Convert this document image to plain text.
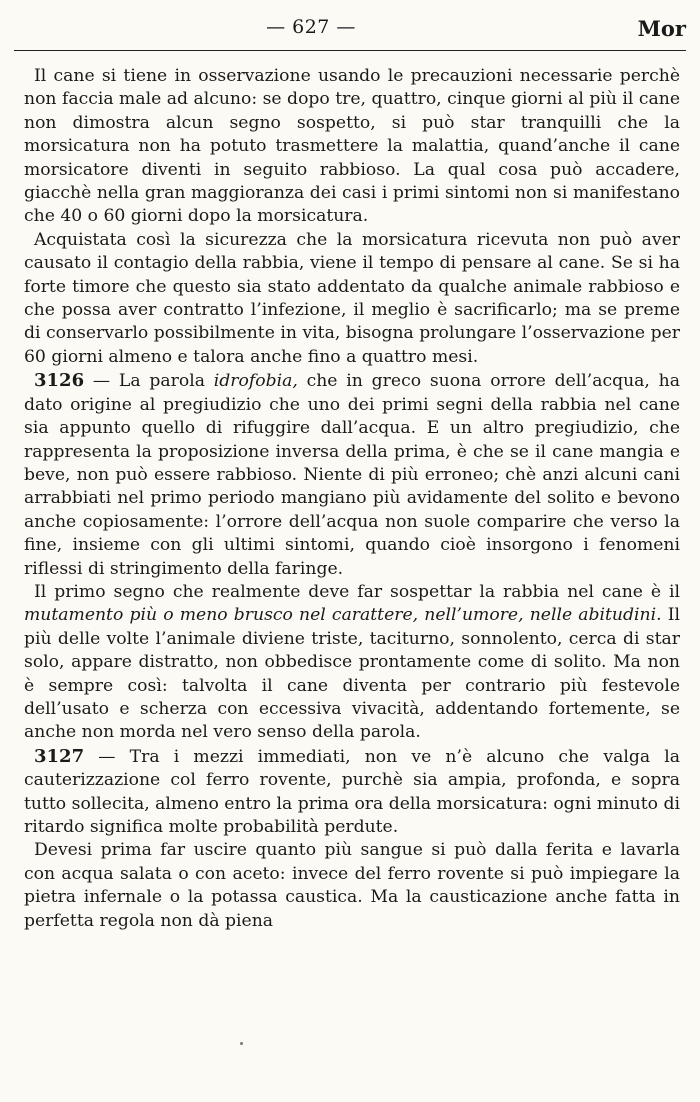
— 627 —	Mor

Il cane si tiene in osservazione usando le precauzioni necessarie perchè non faccia male ad alcuno: se dopo tre, quattro, cinque giorni al più il cane non dimostra alcun segno sospetto, si può star tranquilli che la morsicatura non ha potuto trasmettere la malattia, quand’anche il cane morsicatore diventi in seguito rabbioso. La qual cosa può accadere, giacchè nella gran maggioranza dei casi i primi sintomi non si manifestano che 40 o 60 giorni dopo la morsicatura.

Acquistata così la sicurezza che la morsicatura ricevuta non può aver causato il contagio della rabbia, viene il tempo di pensare al cane. Se si ha forte timore che questo sia stato addentato da qualche animale rabbioso e che possa aver contratto l’infezione, il meglio è sacrificarlo; ma se preme di conservarlo possibilmente in vita, bisogna prolungare l’osservazione per 60 giorni almeno e talora anche fino a quattro mesi.

3126 — La parola idrofobia, che in greco suona orrore dell’acqua, ha dato origine al pregiudizio che uno dei primi segni della rabbia nel cane sia appunto quello di rifuggire dall’acqua. E un altro pregiudizio, che rappresenta la proposizione inversa della prima, è che se il cane mangia e beve, non può essere rabbioso. Niente di più erroneo; chè anzi alcuni cani arrabbiati nel primo periodo mangiano più avidamente del solito e bevono anche copiosamente: l’orrore dell’acqua non suole comparire che verso la fine, insieme con gli ultimi sintomi, quando cioè insorgono i fenomeni riflessi di stringimento della faringe.

Il primo segno che realmente deve far sospettar la rabbia nel cane è il mutamento più o meno brusco nel carattere, nell’umore, nelle abitudini. Il più delle volte l’animale diviene triste, taciturno, sonnolento, cerca di star solo, appare distratto, non obbedisce prontamente come di solito. Ma non è sempre così: talvolta il cane diventa per contrario più festevole dell’usato e scherza con eccessiva vivacità, addentando fortemente, se anche non morda nel vero senso della parola.

3127 — Tra i mezzi immediati, non ve n’è alcuno che valga la cauterizzazione col ferro rovente, purchè sia ampia, profonda, e sopra tutto sollecita, almeno entro la prima ora della morsicatura: ogni minuto di ritardo significa molte probabilità perdute.

Devesi prima far uscire quanto più sangue si può dalla ferita e lavarla con acqua salata o con aceto: invece del ferro rovente si può impiegare la pietra infernale o la potassa caustica. Ma la causticazione anche fatta in perfetta regola non dà piena
